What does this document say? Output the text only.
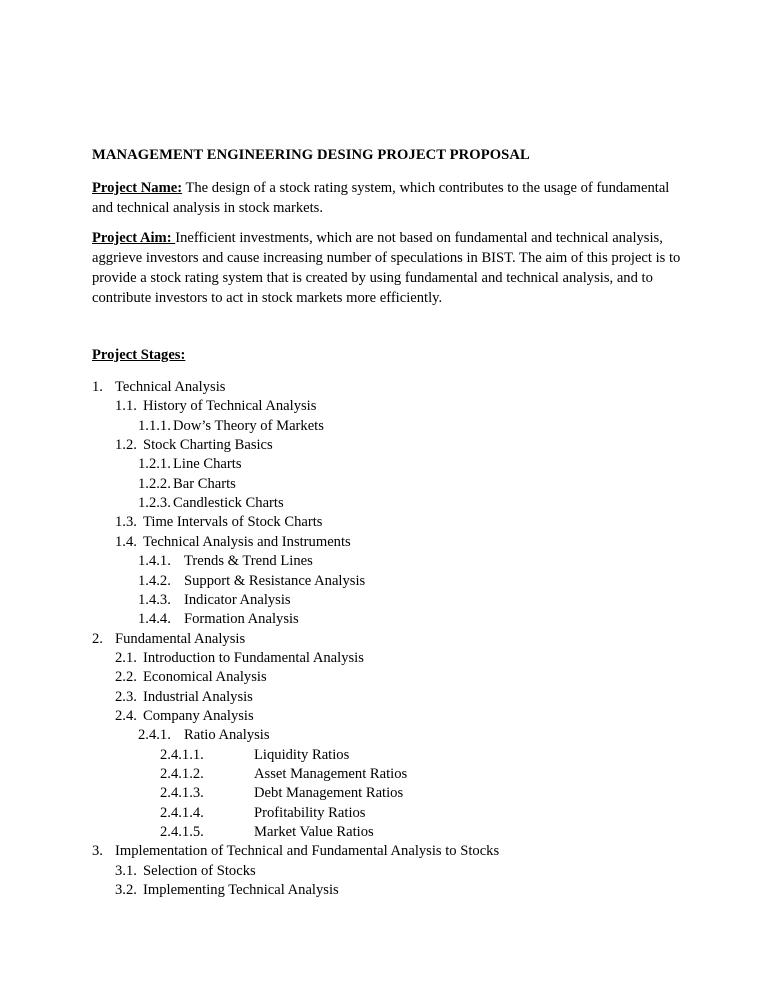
MANAGEMENT ENGINEERING DESING PROJECT PROPOSAL
Project Name: The design of a stock rating system, which contributes to the usage of fundamental and technical analysis in stock markets.
Project Aim: Inefficient investments, which are not based on fundamental and technical analysis, aggrieve investors and cause increasing number of speculations in BIST. The aim of this project is to provide a stock rating system that is created by using fundamental and technical analysis, and to contribute investors to act in stock markets more efficiently.
Project Stages:
1. Technical Analysis
1.1. History of Technical Analysis
1.1.1. Dow’s Theory of Markets
1.2. Stock Charting Basics
1.2.1. Line Charts
1.2.2. Bar Charts
1.2.3. Candlestick Charts
1.3. Time Intervals of Stock Charts
1.4. Technical Analysis and Instruments
1.4.1. Trends & Trend Lines
1.4.2. Support & Resistance Analysis
1.4.3. Indicator Analysis
1.4.4. Formation Analysis
2. Fundamental Analysis
2.1. Introduction to Fundamental Analysis
2.2. Economical Analysis
2.3. Industrial Analysis
2.4. Company Analysis
2.4.1. Ratio Analysis
2.4.1.1.	Liquidity Ratios
2.4.1.2.	Asset Management Ratios
2.4.1.3.	Debt Management Ratios
2.4.1.4.	Profitability Ratios
2.4.1.5.	Market Value Ratios
3. Implementation of Technical and Fundamental Analysis to Stocks
3.1. Selection of Stocks
3.2. Implementing Technical Analysis
